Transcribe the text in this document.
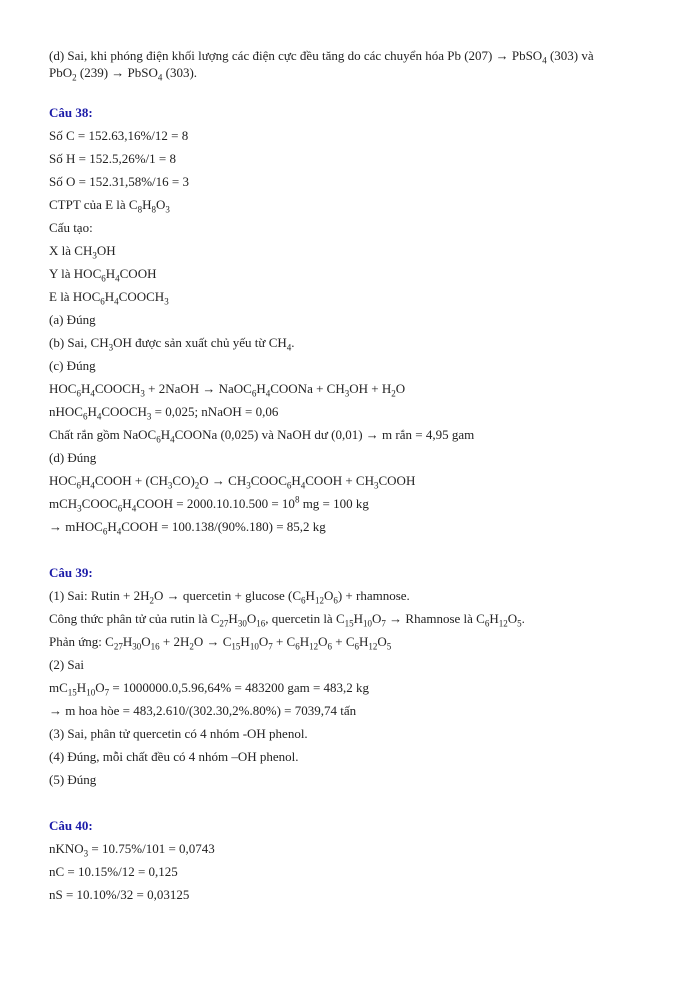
(d) Sai, khi phóng điện khối lượng các điện cực đều tăng do các chuyển hóa Pb (207) → PbSO$_4$ (303) và

PbO$_2$ (239) → PbSO$_4$ (303).

Câu 38:
Số C = 152.63,16%/12 = 8
Số H = 152.5,26%/1 = 8
Số O = 152.31,58%/16 = 3
CTPT của E là $C_8H_8O_3$
Cấu tạo:
X là $CH_3OH$
Y là $HOC_6H_4COOH$
E là $HOC_6H_4COOCH_3$
(a) Đúng
(b) Sai, $CH_3OH$ được sản xuất chủ yếu từ $CH_4$.
(c) Đúng
$HOC_6H_4COOCH_3$ + 2NaOH → $NaOC_6H_4COONa + CH_3OH + H_2O$
$nHOC_6H_4COOCH_3 = 0,025$; nNaOH = 0,06
Chất rắn gồm $NaOC_6H_4COONa$ (0,025) và NaOH dư (0,01) → m rắn = 4,95 gam
(d) Đúng
$HOC_6H_4COOH + (CH_3CO)_2O$ → $CH_3COOC_6H_4COOH$ + $CH_3COOH$
$mCH_3COOC_6H_4COOH = 2000.10.10.500 = 10^8$ mg = 100 kg
→ $mHOC_6H_4COOH = 100.138/(90\%.180) = 85,2$ kg
Câu 39:
(1) Sai: Rutin + $2H_2O$ → quercetin + glucose $(C_6H_{12}O_6)$ + rhamnose.
Công thức phân tử của rutin là $C_{27}H_{30}O_{16}$, quercetin là $C_{15}H_{10}O_7$ → Rhamnose là $C_6H_{12}O_5$.
Phản ứng: $C_{27}H_{30}O_{16} + 2H_2O \to C_{15}H_{10}O_7 + C_6H_{12}O_6 + C_6H_{12}O_5$
(2) Sai
$mC_{15}H_{10}O_7 = 1000000.0,5.96,64\% = 483200$ gam = 483,2 kg
→ m hoa hòe = 483,2.610/(302.30,2%.80%) = 7039,74 tấn
(3) Sai, phân tử quercetin có 4 nhóm -OH phenol.
(4) Đúng, mỗi chất đều có 4 nhóm –OH phenol.
(5) Đúng
Câu 40:
nKNO$_3$ = 10.75%/101 = 0,0743
nC = 10.15%/12 = 0,125
nS = 10.10%/32 = 0,03125
